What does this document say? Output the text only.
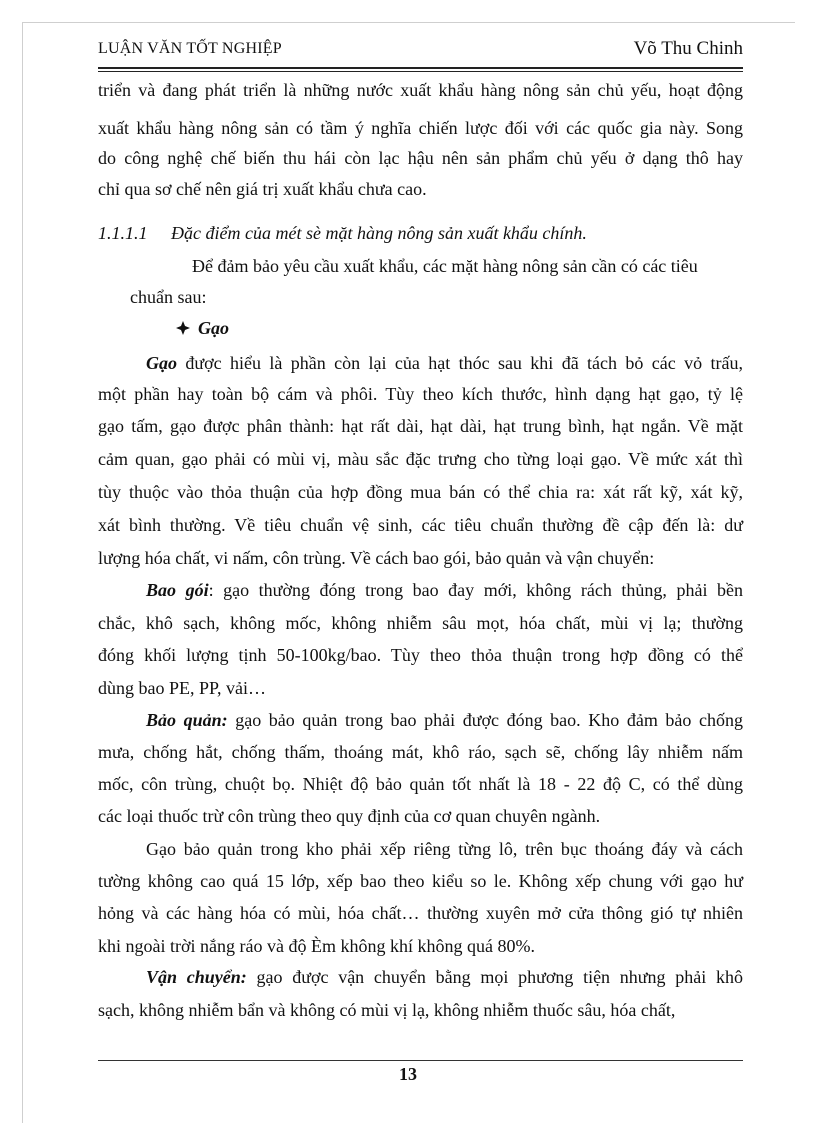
LUẬN VĂN TỐT NGHIỆP	Võ Thu Chinh
triển và đang phát triển là những nước xuất khẩu hàng nông sản chủ yếu, hoạt động
xuất khẩu hàng nông sản có tầm ý nghĩa chiến lược đối với các quốc gia này. Song
do công nghệ chế biến thu hái còn lạc hậu nên sản phẩm chủ yếu ở dạng thô hay
chỉ qua sơ chế nên giá trị xuất khẩu chưa cao.
1.1.1.1 Đặc điểm của mét sè mặt hàng nông sản xuất khẩu chính.
Để đảm bảo yêu cầu xuất khẩu, các mặt hàng nông sản cần có các tiêu
chuẩn sau:
Gạo
Gạo được hiểu là phần còn lại của hạt thóc sau khi đã tách bỏ các vỏ trấu,
một phần hay toàn bộ cám và phôi. Tùy theo kích thước, hình dạng hạt gạo, tỷ lệ
gạo tấm, gạo được phân thành: hạt rất dài, hạt dài, hạt trung bình, hạt ngắn. Về mặt
cảm quan, gạo phải có mùi vị, màu sắc đặc trưng cho từng loại gạo. Về mức xát thì
tùy thuộc vào thỏa thuận của hợp đồng mua bán có thể chia ra: xát rất kỹ, xát kỹ,
xát bình thường. Về tiêu chuẩn vệ sinh, các tiêu chuẩn thường đề cập đến là: dư
lượng hóa chất, vi nấm, côn trùng. Về cách bao gói, bảo quản và vận chuyển:
Bao gói: gạo thường đóng trong bao đay mới, không rách thủng, phải bền
chắc, khô sạch, không mốc, không nhiễm sâu mọt, hóa chất, mùi vị lạ; thường
đóng khối lượng tịnh 50-100kg/bao. Tùy theo thỏa thuận trong hợp đồng có thể
dùng bao PE, PP, vải…
Bảo quản: gạo bảo quản trong bao phải được đóng bao. Kho đảm bảo chống
mưa, chống hắt, chống thấm, thoáng mát, khô ráo, sạch sẽ, chống lây nhiễm nấm
mốc, côn trùng, chuột bọ. Nhiệt độ bảo quản tốt nhất là 18 - 22 độ C, có thể dùng
các loại thuốc trừ côn trùng theo quy định của cơ quan chuyên ngành.
Gạo bảo quản trong kho phải xếp riêng từng lô, trên bục thoáng đáy và cách
tường không cao quá 15 lớp, xếp bao theo kiểu so le. Không xếp chung với gạo hư
hỏng và các hàng hóa có mùi, hóa chất… thường xuyên mở cửa thông gió tự nhiên
khi ngoài trời nắng ráo và độ Èm không khí không quá 80%.
Vận chuyển: gạo được vận chuyển bằng mọi phương tiện nhưng phải khô
sạch, không nhiễm bẩn và không có mùi vị lạ, không nhiễm thuốc sâu, hóa chất,
13
